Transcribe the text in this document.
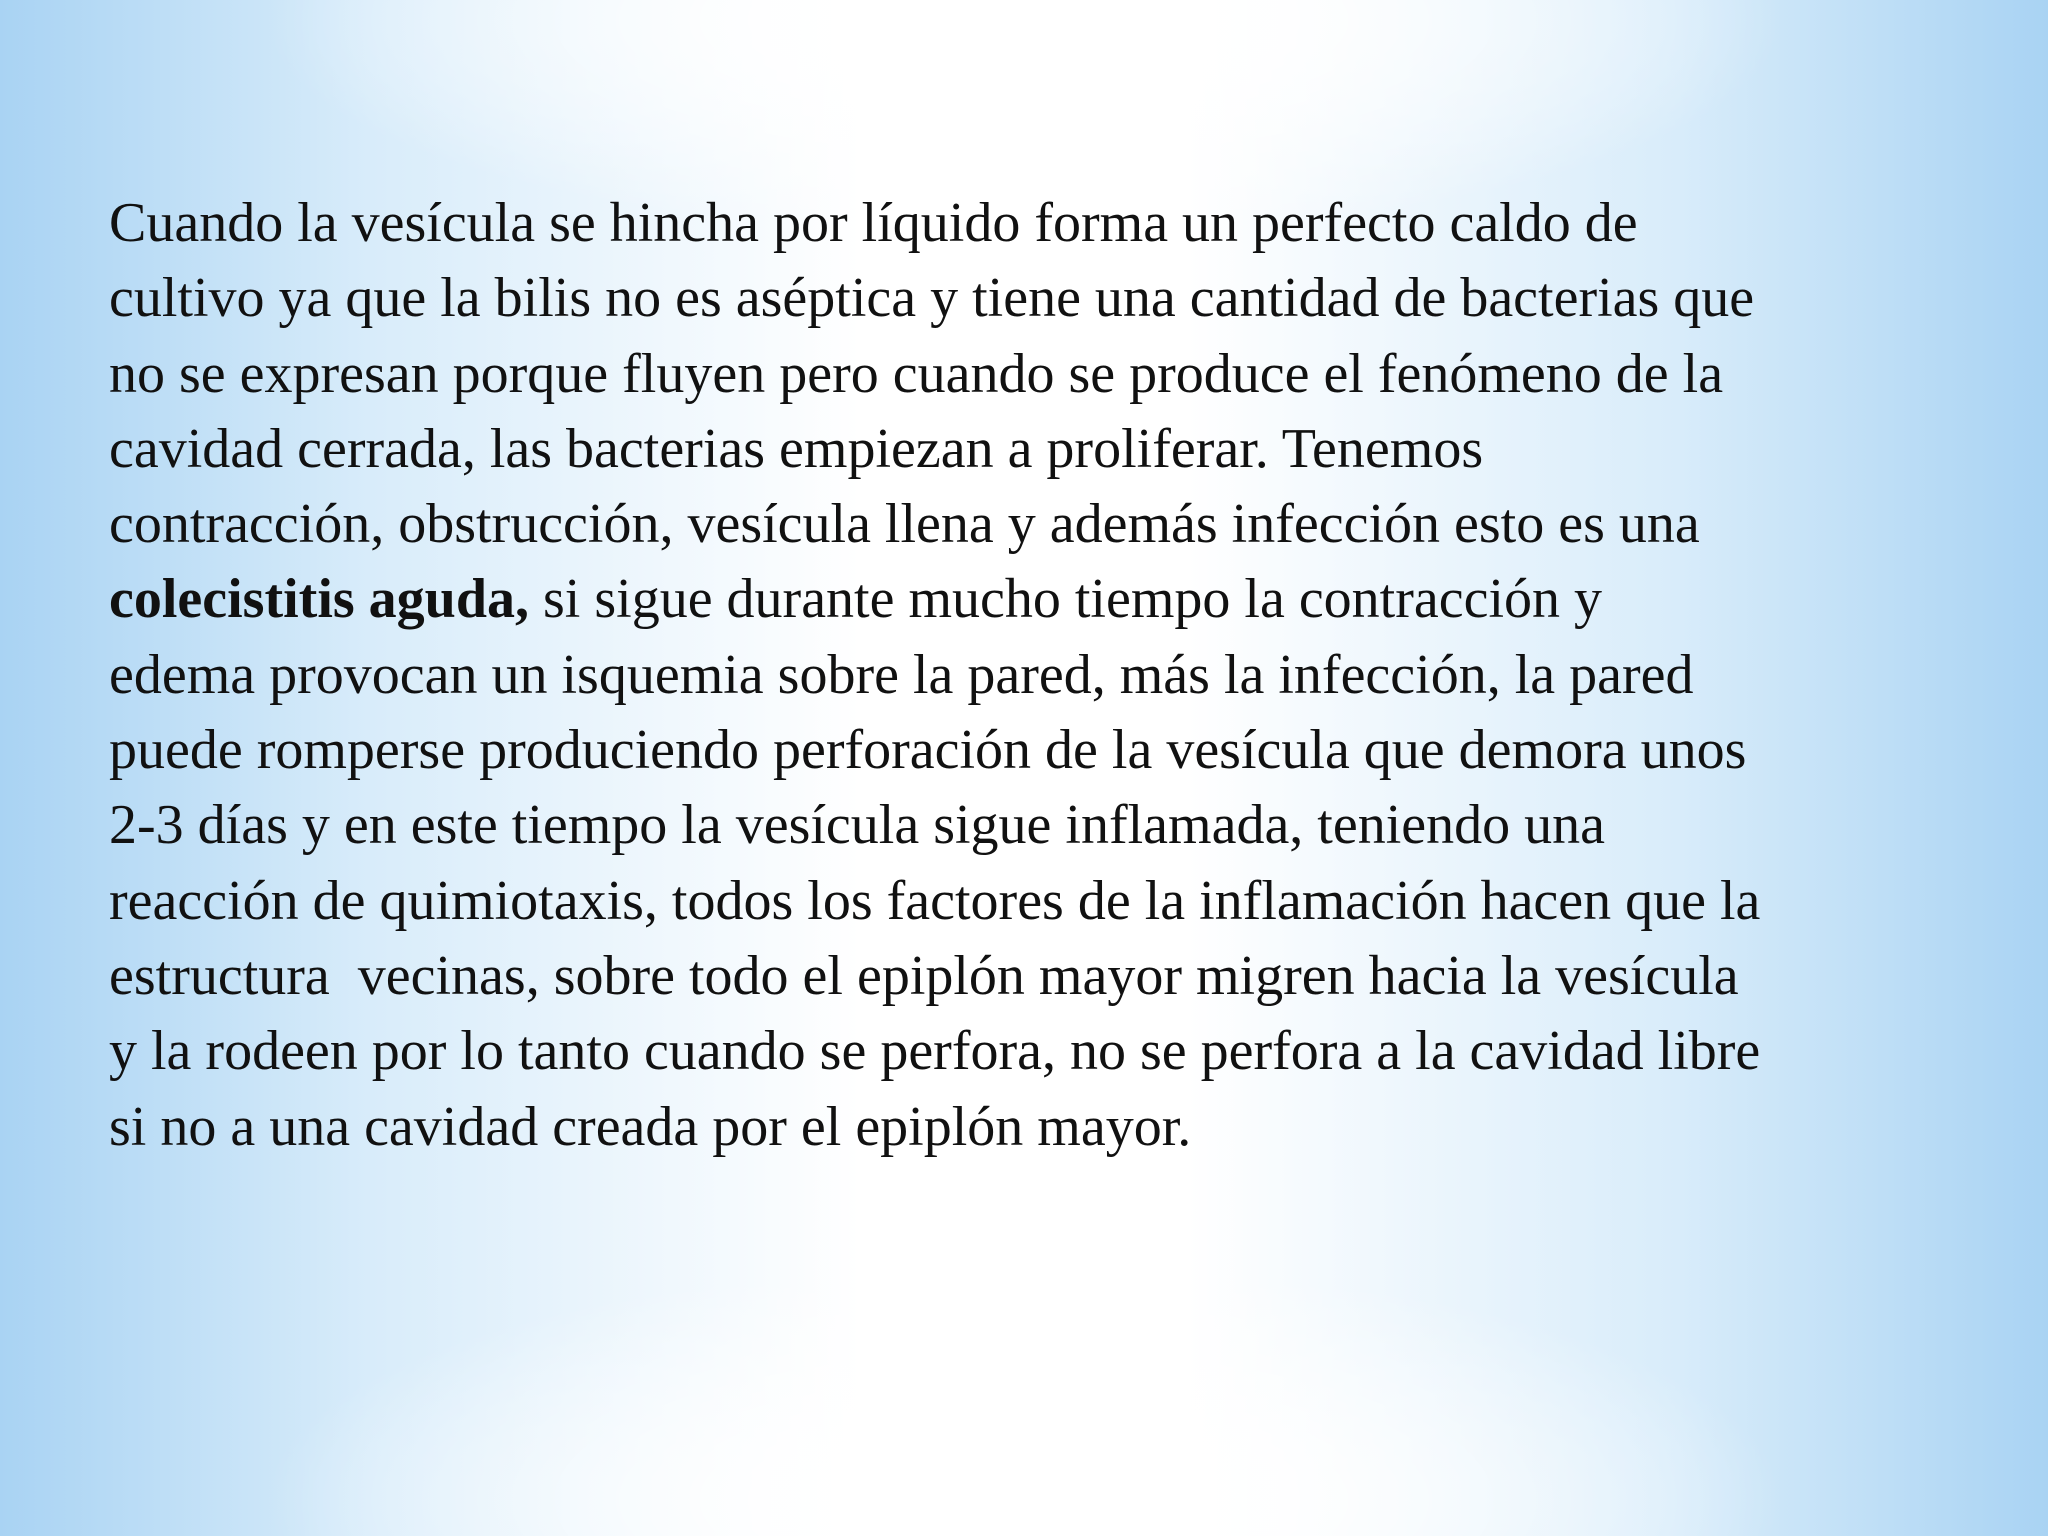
Cuando la vesícula se hincha por líquido forma un perfecto caldo de
cultivo ya que la bilis no es aséptica y tiene una cantidad de bacterias que
no se expresan porque fluyen pero cuando se produce el fenómeno de la
cavidad cerrada, las bacterias empiezan a proliferar. Tenemos
contracción, obstrucción, vesícula llena y además infección esto es una
colecistitis aguda, si sigue durante mucho tiempo la contracción y
edema provocan un isquemia sobre la pared, más la infección, la pared
puede romperse produciendo perforación de la vesícula que demora unos
2-3 días y en este tiempo la vesícula sigue inflamada, teniendo una
reacción de quimiotaxis, todos los factores de la inflamación hacen que la
estructura  vecinas, sobre todo el epiplón mayor migren hacia la vesícula
y la rodeen por lo tanto cuando se perfora, no se perfora a la cavidad libre
si no a una cavidad creada por el epiplón mayor.
